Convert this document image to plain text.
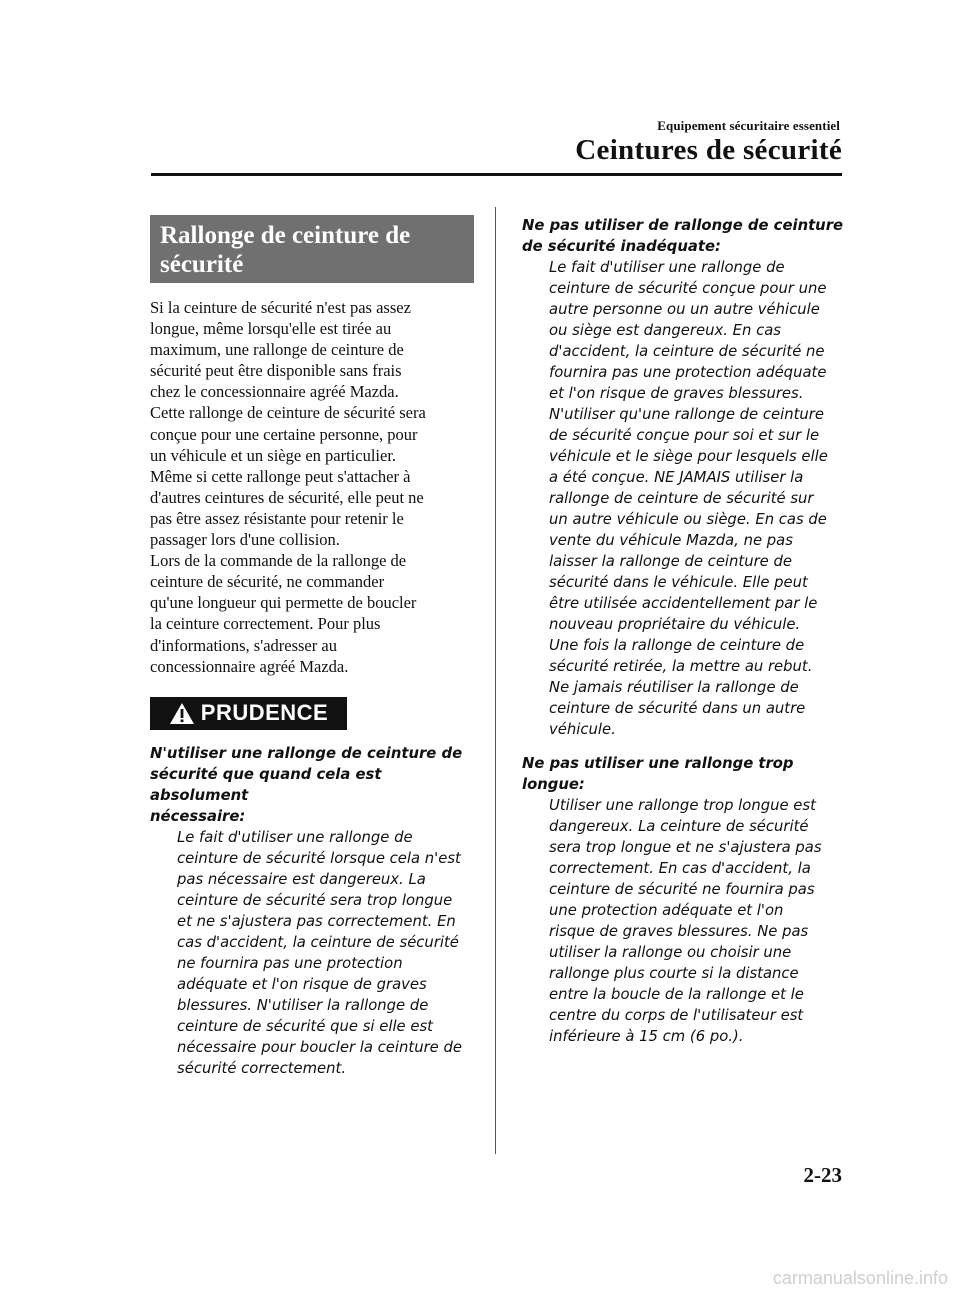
Equipement sécuritaire essentiel
Ceintures de sécurité
Rallonge de ceinture de
sécurité

Si la ceinture de sécurité n'est pas assez

longue, même lorsqu'elle est tirée au

maximum, une rallonge de ceinture de

sécurité peut être disponible sans frais

chez le concessionnaire agréé Mazda.

Cette rallonge de ceinture de sécurité sera

conçue pour une certaine personne, pour

un véhicule et un siège en particulier.

Même si cette rallonge peut s'attacher à

d'autres ceintures de sécurité, elle peut ne

pas être assez résistante pour retenir le

passager lors d'une collision.

Lors de la commande de la rallonge de

ceinture de sécurité, ne commander

qu'une longueur qui permette de boucler

la ceinture correctement. Pour plus

d'informations, s'adresser au

concessionnaire agréé Mazda.

PRUDENCE
N'utiliser une rallonge de ceinture de
sécurité que quand cela est absolument
nécessaire:
Le fait d'utiliser une rallonge de
ceinture de sécurité lorsque cela n'est
pas nécessaire est dangereux. La
ceinture de sécurité sera trop longue
et ne s'ajustera pas correctement. En
cas d'accident, la ceinture de sécurité
ne fournira pas une protection
adéquate et l'on risque de graves
blessures. N'utiliser la rallonge de
ceinture de sécurité que si elle est
nécessaire pour boucler la ceinture de
sécurité correctement.
Ne pas utiliser de rallonge de ceinture
de sécurité inadéquate:
Le fait d'utiliser une rallonge de
ceinture de sécurité conçue pour une
autre personne ou un autre véhicule
ou siège est dangereux. En cas
d'accident, la ceinture de sécurité ne
fournira pas une protection adéquate
et l'on risque de graves blessures.
N'utiliser qu'une rallonge de ceinture
de sécurité conçue pour soi et sur le
véhicule et le siège pour lesquels elle
a été conçue. NE JAMAIS utiliser la
rallonge de ceinture de sécurité sur
un autre véhicule ou siège. En cas de
vente du véhicule Mazda, ne pas
laisser la rallonge de ceinture de
sécurité dans le véhicule. Elle peut
être utilisée accidentellement par le
nouveau propriétaire du véhicule.
Une fois la rallonge de ceinture de
sécurité retirée, la mettre au rebut.
Ne jamais réutiliser la rallonge de
ceinture de sécurité dans un autre
véhicule.
Ne pas utiliser une rallonge trop
longue:
Utiliser une rallonge trop longue est
dangereux. La ceinture de sécurité
sera trop longue et ne s'ajustera pas
correctement. En cas d'accident, la
ceinture de sécurité ne fournira pas
une protection adéquate et l'on
risque de graves blessures. Ne pas
utiliser la rallonge ou choisir une
rallonge plus courte si la distance
entre la boucle de la rallonge et le
centre du corps de l'utilisateur est
inférieure à 15 cm (6 po.).
2-23
carmanualsonline.info
